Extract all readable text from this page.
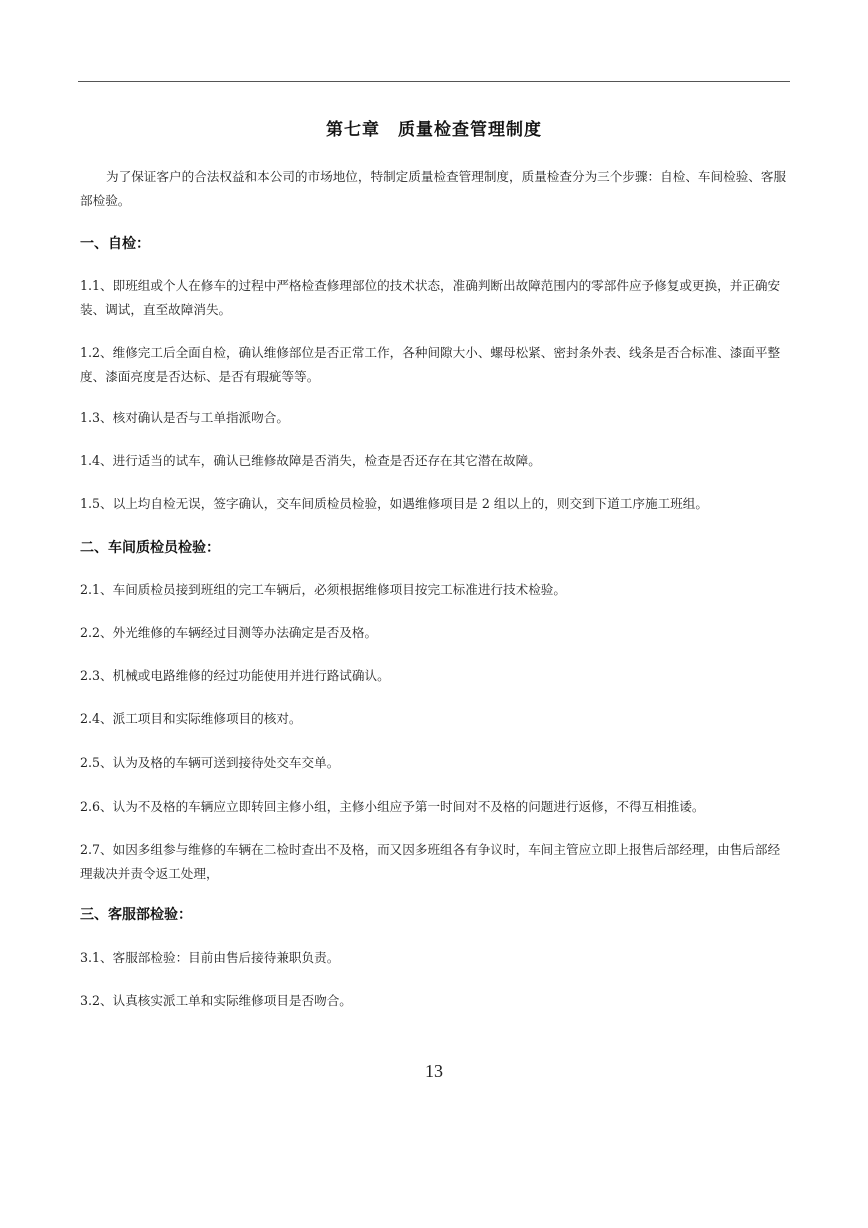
第七章　质量检查管理制度

为了保证客户的合法权益和本公司的市场地位，特制定质量检查管理制度，质量检查分为三个步骤：自检、车间检验、客服部检验。

一、自检：

1.1、即班组或个人在修车的过程中严格检查修理部位的技术状态，准确判断出故障范围内的零部件应予修复或更换，并正确安装、调试，直至故障消失。

1.2、维修完工后全面自检，确认维修部位是否正常工作，各种间隙大小、螺母松紧、密封条外表、线条是否合标准、漆面平整度、漆面亮度是否达标、是否有瑕疵等等。

1.3、核对确认是否与工单指派吻合。

1.4、进行适当的试车，确认已维修故障是否消失，检查是否还存在其它潜在故障。

1.5、以上均自检无误，签字确认，交车间质检员检验，如遇维修项目是 2 组以上的，则交到下道工序施工班组。

二、车间质检员检验：

2.1、车间质检员接到班组的完工车辆后，必须根据维修项目按完工标准进行技术检验。

2.2、外光维修的车辆经过目测等办法确定是否及格。

2.3、机械或电路维修的经过功能使用并进行路试确认。

2.4、派工项目和实际维修项目的核对。

2.5、认为及格的车辆可送到接待处交车交单。

2.6、认为不及格的车辆应立即转回主修小组，主修小组应予第一时间对不及格的问题进行返修，不得互相推诿。

2.7、如因多组参与维修的车辆在二检时查出不及格，而又因多班组各有争议时，车间主管应立即上报售后部经理，由售后部经理裁决并责令返工处理，

三、客服部检验：

3.1、客服部检验：目前由售后接待兼职负责。

3.2、认真核实派工单和实际维修项目是否吻合。

13
